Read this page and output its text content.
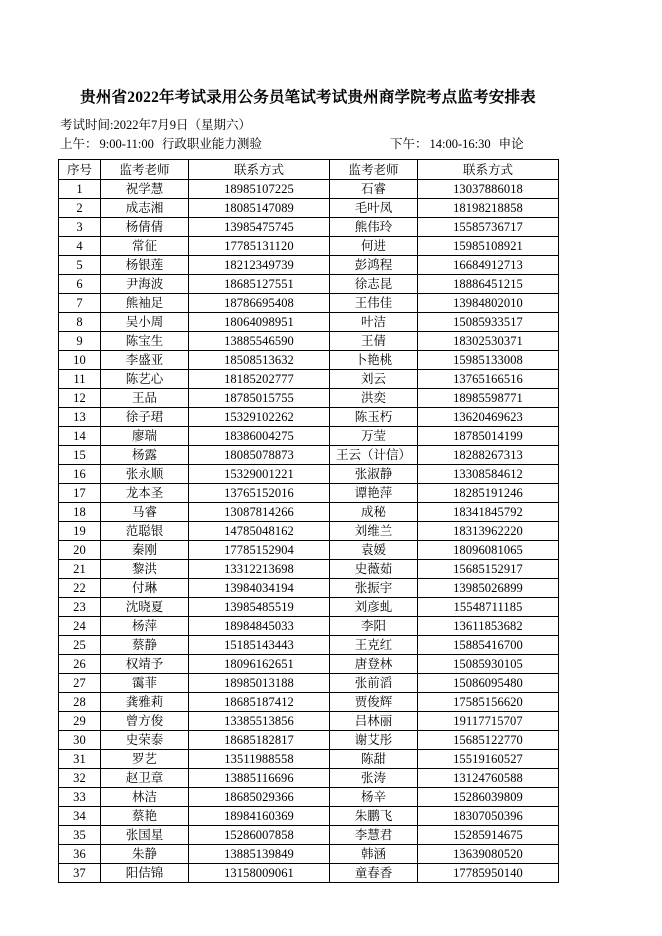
贵州省2022年考试录用公务员笔试考试贵州商学院考点监考安排表
考试时间:2022年7月9日（星期六）
上午： 9:00-11:00 行政职业能力测验	下午： 14:00-16:30 申论
序号	监考老师	联系方式	监考老师	联系方式
1	祝学慧	18985107225	石睿	13037886018
2	成志湘	18085147089	毛叶凤	18198218858
3	杨倩倩	13985475745	熊伟玲	15585736717
4	常征	17785131120	何进	15985108921
5	杨银莲	18212349739	彭鸿程	16684912713
6	尹海波	18685127551	徐志昆	18886451215
7	熊袖足	18786695408	王伟佳	13984802010
8	吴小周	18064098951	叶洁	15085933517
9	陈宝生	13885546590	王倩	18302530371
10	李盛亚	18508513632	卜艳桃	15985133008
11	陈艺心	18185202777	刘云	13765166516
12	王品	18785015755	洪奕	18985598771
13	徐子珺	15329102262	陈玉朽	13620469623
14	廖瑞	18386004275	万莹	18785014199
15	杨露	18085078873	王云（计信）	18288267313
16	张永顺	15329001221	张淑静	13308584612
17	龙本圣	13765152016	谭艳萍	18285191246
18	马睿	13087814266	成秘	18341845792
19	范聪银	14785048162	刘维兰	18313962220
20	秦刚	17785152904	袁媛	18096081065
21	黎洪	13312213698	史薇茹	15685152917
22	付琳	13984034194	张振宇	13985026899
23	沈晓夏	13985485519	刘彦虬	15548711185
24	杨萍	18984845033	李阳	13611853682
25	蔡静	15185143443	王克红	15885416700
26	权靖予	18096162651	唐登林	15085930105
27	霭菲	18985013188	张前滔	15086095480
28	龚雅莉	18685187412	贾俊辉	17585156620
29	曾方俊	13385513856	吕林丽	19117715707
30	史荣泰	18685182817	谢艾彤	15685122770
31	罗艺	13511988558	陈甜	15519160527
32	赵卫章	13885116696	张涛	13124760588
33	林洁	18685029366	杨辛	15286039809
34	蔡艳	18984160369	朱鹏飞	18307050396
35	张国星	15286007858	李慧君	15285914675
36	朱静	13885139849	韩涵	13639080520
37	阳佶锦	13158009061	童春香	17785950140
